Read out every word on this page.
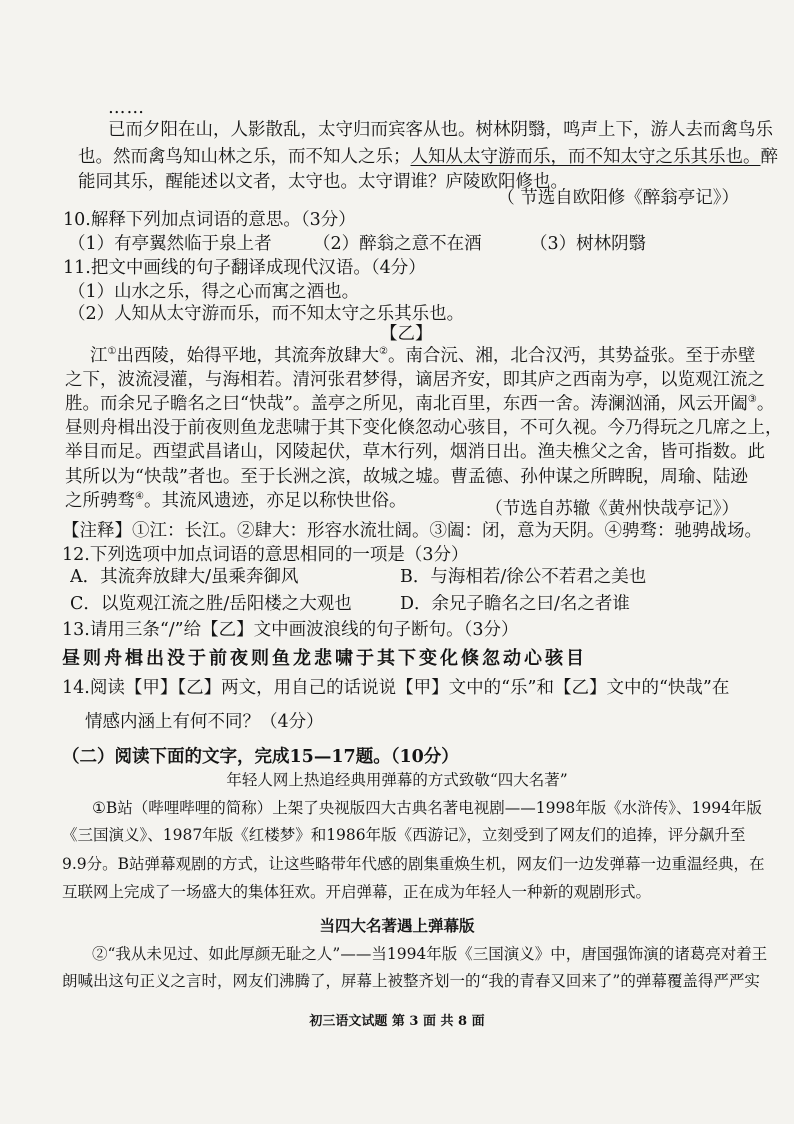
……
已而夕阳在山，人影散乱，太守归而宾客从也。树林阴翳，鸣声上下，游人去而禽鸟乐
也。然而禽鸟知山林之乐，而不知人之乐；人知从太守游而乐，而不知太守之乐其乐也。醉
能同其乐，醒能述以文者，太守也。太守谓谁？庐陵欧阳修也。
（ 节选自欧阳修《醉翁亭记》）
10.解释下列加点词语的意思。（3分）
（1）有亭翼然临于泉上者 （2）醉翁之意不在酒	（3）树林阴翳
11.把文中画线的句子翻译成现代汉语。（4分）
（1）山水之乐，得之心而寓之酒也。
（2）人知从太守游而乐，而不知太守之乐其乐也。
【乙】
江①出西陵，始得平地，其流奔放肆大②。南合沅、湘，北合汉沔，其势益张。至于赤壁
之下，波流浸灌，与海相若。清河张君梦得，谪居齐安，即其庐之西南为亭，以览观江流之
胜。而余兄子瞻名之曰“快哉”。盖亭之所见，南北百里，东西一舍。涛澜汹涌，风云开阖③。
昼则舟楫出没于前夜则鱼龙悲啸于其下变化倏忽动心骇目，不可久视。今乃得玩之几席之上，
举目而足。西望武昌诸山，冈陵起伏，草木行列，烟消日出。渔夫樵父之舍，皆可指数。此
其所以为“快哉”者也。至于长洲之滨，故城之墟。曹孟德、孙仲谋之所睥睨，周瑜、陆逊
之所骋骛④。其流风遗迹，亦足以称快世俗。	（节选自苏辙《黄州快哉亭记》）
【注释】①江：长江。②肆大：形容水流壮阔。③阖：闭，意为天阴。④骋骛：驰骋战场。
12.下列选项中加点词语的意思相同的一项是（3分）
A．其流奔放肆大/虽乘奔御风	B．与海相若/徐公不若君之美也
C．以览观江流之胜/岳阳楼之大观也	D．余兄子瞻名之曰/名之者谁
13.请用三条“/”给【乙】文中画波浪线的句子断句。（3分）
昼则舟楫出没于前夜则鱼龙悲啸于其下变化倏忽动心骇目
14.阅读【甲】【乙】两文，用自己的话说说【甲】文中的“乐”和【乙】文中的“快哉”在
情感内涵上有何不同？（4分）
（二）阅读下面的文字，完成15—17题。（10分）
年轻人网上热追经典用弹幕的方式致敬“四大名著”
①B站（哔哩哔哩的简称）上架了央视版四大古典名著电视剧——1998年版《水浒传》、1994年版
《三国演义》、1987年版《红楼梦》和1986年版《西游记》，立刻受到了网友们的追捧，评分飙升至
9.9分。B站弹幕观剧的方式，让这些略带年代感的剧集重焕生机，网友们一边发弹幕一边重温经典，在
互联网上完成了一场盛大的集体狂欢。开启弹幕，正在成为年轻人一种新的观剧形式。
当四大名著遇上弹幕版
②“我从未见过、如此厚颜无耻之人”——当1994年版《三国演义》中，唐国强饰演的诸葛亮对着王
朗喊出这句正义之言时，网友们沸腾了，屏幕上被整齐划一的“我的青春又回来了”的弹幕覆盖得严严实
初三语文试题 第 3 面 共 8 面
